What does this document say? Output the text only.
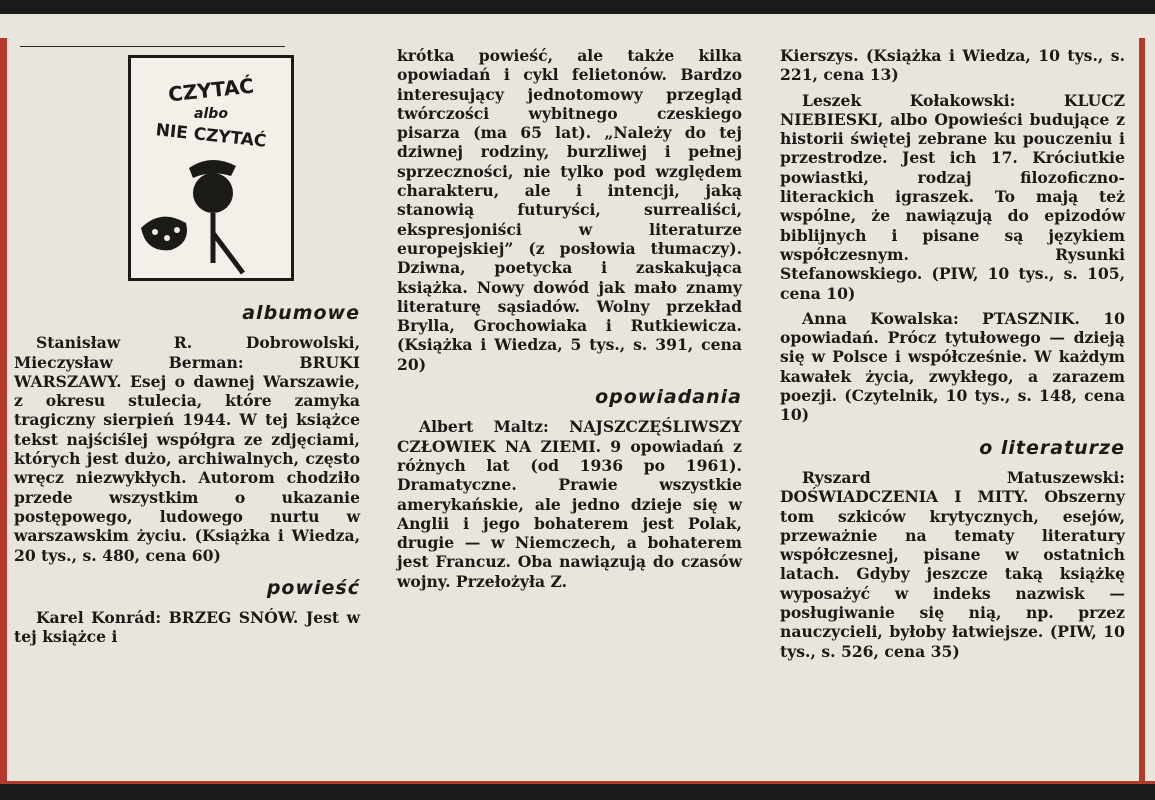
CZYTAĆ
albo
NIE CZYTAĆ
albumowe

Stanisław R. Dobrowolski, Mieczysław Berman: BRUKI WARSZAWY. Esej o dawnej Warszawie, z okresu stulecia, które zamyka tragiczny sierpień 1944. W tej książce tekst najściślej współgra ze zdjęciami, których jest dużo, archiwalnych, często wręcz niezwykłych. Autorom chodziło przede wszystkim o ukazanie postępowego, ludowego nurtu w warszawskim życiu. (Książka i Wiedza, 20 tys., s. 480, cena 60)

powieść

Karel Konrád: BRZEG SNÓW. Jest w tej książce i

krótka powieść, ale także kilka opowiadań i cykl felietonów. Bardzo interesujący jednotomowy przegląd twórczości wybitnego czeskiego pisarza (ma 65 lat). „Należy do tej dziwnej rodziny, burzliwej i pełnej sprzeczności, nie tylko pod względem charakteru, ale i intencji, jaką stanowią futuryści, surrealiści, ekspresjoniści w literaturze europejskiej” (z posłowia tłumaczy). Dziwna, poetycka i zaskakująca książka. Nowy dowód jak mało znamy literaturę sąsiadów. Wolny przekład Brylla, Grochowiaka i Rutkiewicza. (Książka i Wiedza, 5 tys., s. 391, cena 20)

opowiadania

Albert Maltz: NAJSZCZĘŚLIWSZY CZŁOWIEK NA ZIEMI. 9 opowiadań z różnych lat (od 1936 po 1961). Dramatyczne. Prawie wszystkie amerykańskie, ale jedno dzieje się w Anglii i jego bohaterem jest Polak, drugie — w Niemczech, a bohaterem jest Francuz. Oba nawiązują do czasów wojny. Przełożyła Z.

Kierszys. (Książka i Wiedza, 10 tys., s. 221, cena 13)

Leszek Kołakowski: KLUCZ NIEBIESKI, albo Opowieści budujące z historii świętej zebrane ku pouczeniu i przestrodze. Jest ich 17. Króciutkie powiastki, rodzaj filozoficzno-literackich igraszek. To mają też wspólne, że nawiązują do epizodów biblijnych i pisane są językiem współczesnym. Rysunki Stefanowskiego. (PIW, 10 tys., s. 105, cena 10)

Anna Kowalska: PTASZNIK. 10 opowiadań. Prócz tytułowego — dzieją się w Polsce i współcześnie. W każdym kawałek życia, zwykłego, a zarazem poezji. (Czytelnik, 10 tys., s. 148, cena 10)

o literaturze

Ryszard Matuszewski: DOŚWIADCZENIA I MITY. Obszerny tom szkiców krytycznych, esejów, przeważnie na tematy literatury współczesnej, pisane w ostatnich latach. Gdyby jeszcze taką książkę wyposażyć w indeks nazwisk — posługiwanie się nią, np. przez nauczycieli, byłoby łatwiejsze. (PIW, 10 tys., s. 526, cena 35)
